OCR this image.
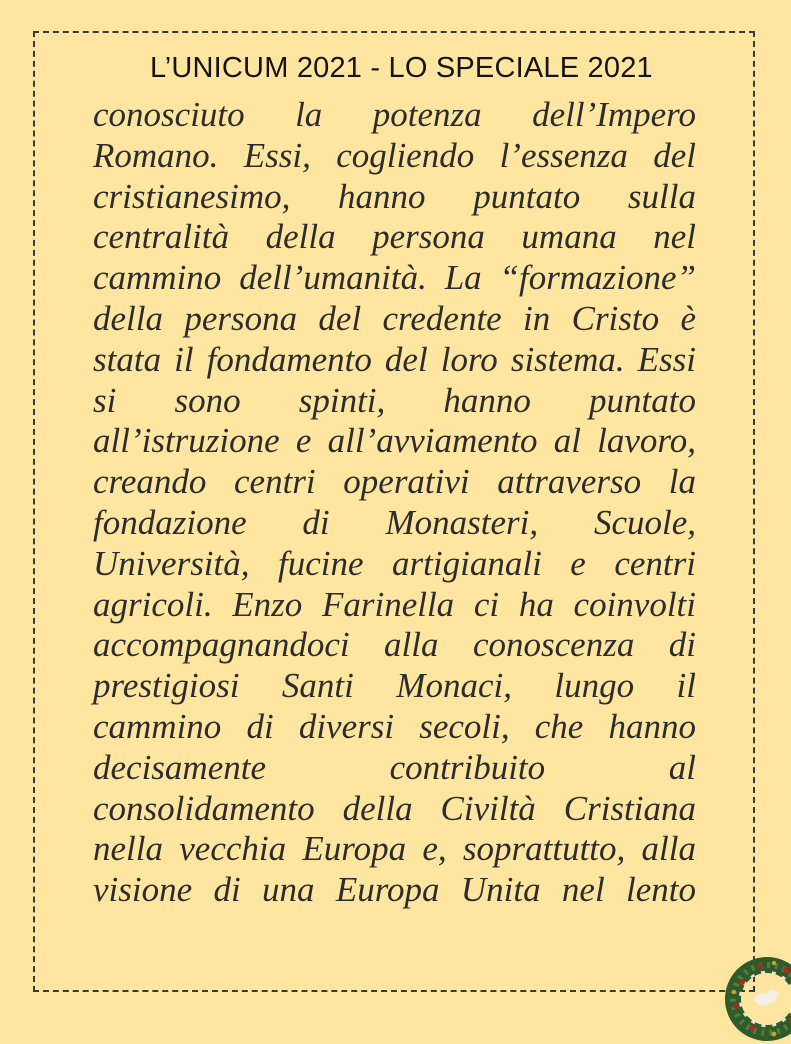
L’UNICUM 2021 - LO SPECIALE 2021
conosciuto la potenza dell’Impero
Romano. Essi, cogliendo l’essenza del
cristianesimo, hanno puntato sulla
centralità della persona umana nel
cammino dell’umanità. La “formazione”
della persona del credente in Cristo è
stata il fondamento del loro sistema. Essi
si sono spinti, hanno puntato
all’istruzione e all’avviamento al lavoro,
creando centri operativi attraverso la
fondazione di Monasteri, Scuole,
Università, fucine artigianali e centri
agricoli. Enzo Farinella ci ha coinvolti
accompagnandoci alla conoscenza di
prestigiosi Santi Monaci, lungo il
cammino di diversi secoli, che hanno
decisamente contribuito al
consolidamento della Civiltà Cristiana
nella vecchia Europa e, soprattutto, alla
visione di una Europa Unita nel lento
